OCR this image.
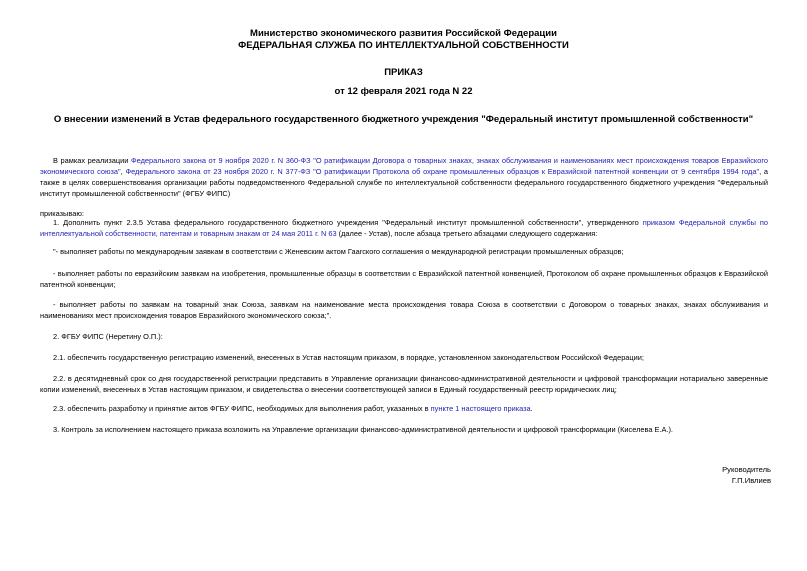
Министерство экономического развития Российской Федерации
ФЕДЕРАЛЬНАЯ СЛУЖБА ПО ИНТЕЛЛЕКТУАЛЬНОЙ СОБСТВЕННОСТИ
ПРИКАЗ
от 12 февраля 2021 года N 22
О внесении изменений в Устав федерального государственного бюджетного учреждения "Федеральный институт промышленной собственности"
В рамках реализации Федерального закона от 9 ноября 2020 г. N 360-ФЗ "О ратификации Договора о товарных знаках, знаках обслуживания и наименованиях мест происхождения товаров Евразийского экономического союза", Федерального закона от 23 ноября 2020 г. N 377-ФЗ "О ратификации Протокола об охране промышленных образцов к Евразийской патентной конвенции от 9 сентября 1994 года", а также в целях совершенствования организации работы подведомственного Федеральной службе по интеллектуальной собственности федерального государственного бюджетного учреждения "Федеральный институт промышленной собственности" (ФГБУ ФИПС)
приказываю:
1. Дополнить пункт 2.3.5 Устава федерального государственного бюджетного учреждения "Федеральный институт промышленной собственности", утвержденного приказом Федеральной службы по интеллектуальной собственности, патентам и товарным знакам от 24 мая 2011 г. N 63 (далее - Устав), после абзаца третьего абзацами следующего содержания:
"- выполняет работы по международным заявкам в соответствии с Женевским актом Гаагского соглашения о международной регистрации промышленных образцов;
- выполняет работы по евразийским заявкам на изобретения, промышленные образцы в соответствии с Евразийской патентной конвенцией, Протоколом об охране промышленных образцов к Евразийской патентной конвенции;
- выполняет работы по заявкам на товарный знак Союза, заявкам на наименование места происхождения товара Союза в соответствии с Договором о товарных знаках, знаках обслуживания и наименованиях мест происхождения товаров Евразийского экономического союза;".
2. ФГБУ ФИПС (Неретину О.П.):
2.1. обеспечить государственную регистрацию изменений, внесенных в Устав настоящим приказом, в порядке, установленном законодательством Российской Федерации;
2.2. в десятидневный срок со дня государственной регистрации представить в Управление организации финансово-административной деятельности и цифровой трансформации нотариально заверенные копии изменений, внесенных в Устав настоящим приказом, и свидетельства о внесении соответствующей записи в Единый государственный реестр юридических лиц;
2.3. обеспечить разработку и принятие актов ФГБУ ФИПС, необходимых для выполнения работ, указанных в пункте 1 настоящего приказа.
3. Контроль за исполнением настоящего приказа возложить на Управление организации финансово-административной деятельности и цифровой трансформации (Киселева Е.А.).
Руководитель
Г.П.Ивлиев
